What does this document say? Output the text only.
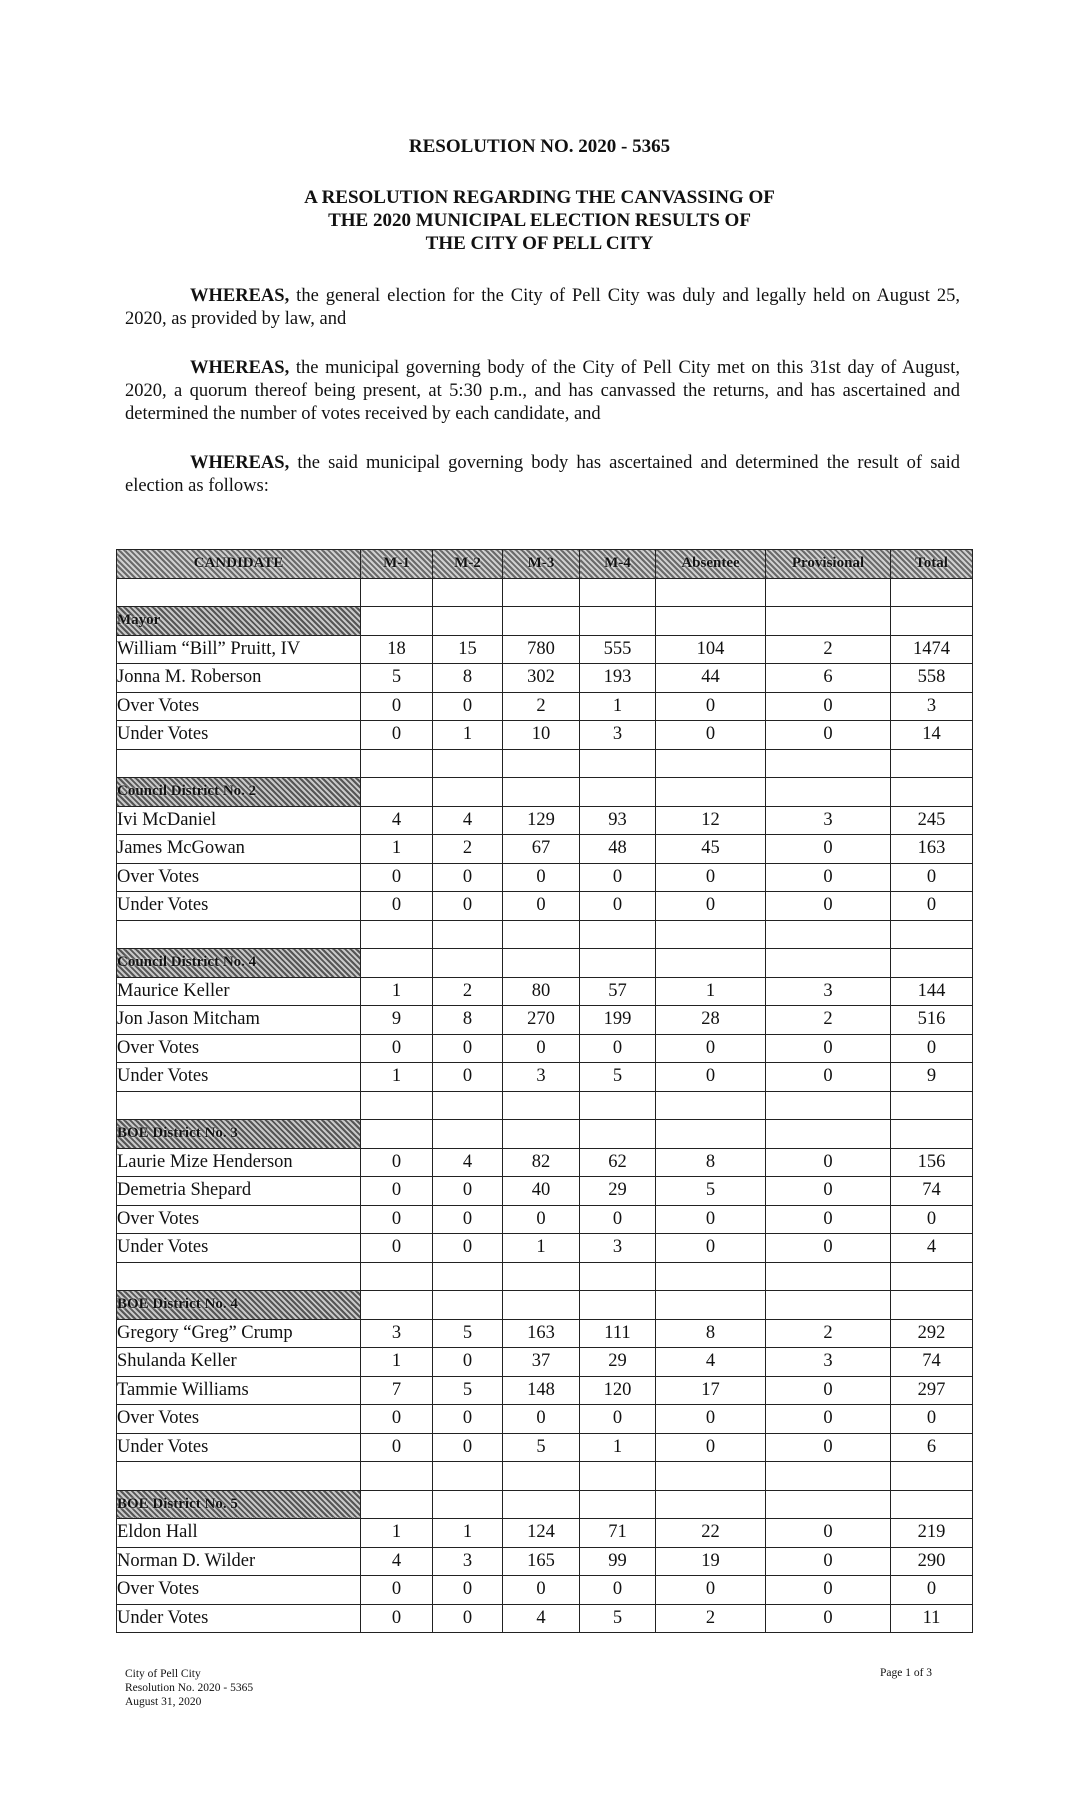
RESOLUTION NO. 2020 - 5365
A RESOLUTION REGARDING THE CANVASSING OF
THE 2020 MUNICIPAL ELECTION RESULTS OF
THE CITY OF PELL CITY
WHEREAS, the general election for the City of Pell City was duly and legally held on August 25, 2020, as provided by law, and
WHEREAS, the municipal governing body of the City of Pell City met on this 31st day of August, 2020, a quorum thereof being present, at 5:30 p.m., and has canvassed the returns, and has ascertained and determined the number of votes received by each candidate, and
WHEREAS, the said municipal governing body has ascertained and determined the result of said election as follows:
CANDIDATE	M-1	M-2	M-3	M-4	Absentee	Provisional	Total

Mayor							
William “Bill” Pruitt, IV	18	15	780	555	104	2	1474
Jonna M. Roberson	5	8	302	193	44	6	558
Over Votes	0	0	2	1	0	0	3
Under Votes	0	1	10	3	0	0	14

Council District No. 2							
Ivi McDaniel	4	4	129	93	12	3	245
James McGowan	1	2	67	48	45	0	163
Over Votes	0	0	0	0	0	0	0
Under Votes	0	0	0	0	0	0	0

Council District No. 4							
Maurice Keller	1	2	80	57	1	3	144
Jon Jason Mitcham	9	8	270	199	28	2	516
Over Votes	0	0	0	0	0	0	0
Under Votes	1	0	3	5	0	0	9

BOE District No. 3							
Laurie Mize Henderson	0	4	82	62	8	0	156
Demetria Shepard	0	0	40	29	5	0	74
Over Votes	0	0	0	0	0	0	0
Under Votes	0	0	1	3	0	0	4

BOE District No. 4							
Gregory “Greg” Crump	3	5	163	111	8	2	292
Shulanda Keller	1	0	37	29	4	3	74
Tammie Williams	7	5	148	120	17	0	297
Over Votes	0	0	0	0	0	0	0
Under Votes	0	0	5	1	0	0	6

BOE District No. 5							
Eldon Hall	1	1	124	71	22	0	219
Norman D. Wilder	4	3	165	99	19	0	290
Over Votes	0	0	0	0	0	0	0
Under Votes	0	0	4	5	2	0	11
City of Pell City
Resolution No. 2020 - 5365
August 31, 2020
Page 1 of 3
